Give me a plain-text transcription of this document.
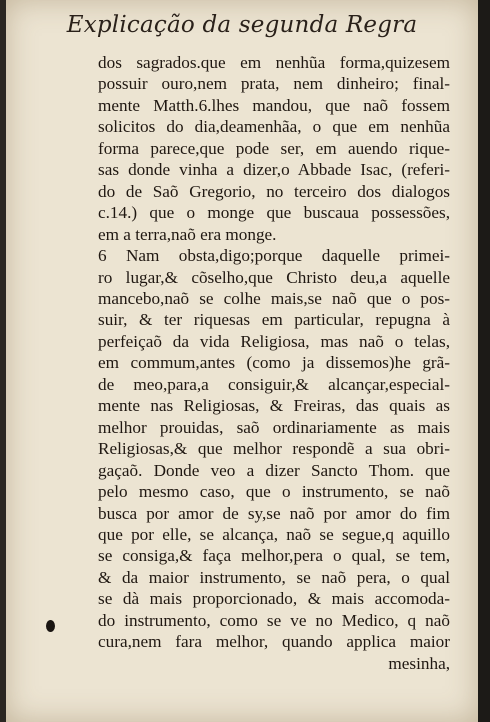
Explicação da segunda Regra
dos sagrados.que em nenhũa forma,quizesem
possuir ouro,nem prata, nem dinheiro; final-
mente Matth.6.lhes mandou, que naõ fossem
solicitos do dia,deamenhãa, o que em nenhũa
forma parece,que pode ser, em auendo rique-
sas donde vinha a dizer,o Abbade Isac, (referi-
do de Saõ Gregorio, no terceiro dos dialogos
c.14.) que o monge que buscaua possessões,
em a terra,naõ era monge.
6 Nam obsta,digo;porque daquelle primei-
ro lugar,& cõselho,que Christo deu,a aquelle
mancebo,naõ se colhe mais,se naõ que o pos-
suir, & ter riquesas em particular, repugna à
perfeiçaõ da vida Religiosa, mas naõ o telas,
em commum,antes (como ja dissemos)he grã-
de meo,para,a consiguir,& alcançar,especial-
mente nas Religiosas, & Freiras, das quais as
melhor prouidas, saõ ordinariamente as mais
Religiosas,& que melhor respondẽ a sua obri-
gaçaõ. Donde veo a dizer Sancto Thom. que
pelo mesmo caso, que o instrumento, se naõ
busca por amor de sy,se naõ por amor do fim
que por elle, se alcança, naõ se segue,q aquillo
se consiga,& faça melhor,pera o qual, se tem,
& da maior instrumento, se naõ pera, o qual
se dà mais proporcionado, & mais accomoda-
do instrumento, como se ve no Medico, q naõ
cura,nem fara melhor, quando applica maior
mesinha,
